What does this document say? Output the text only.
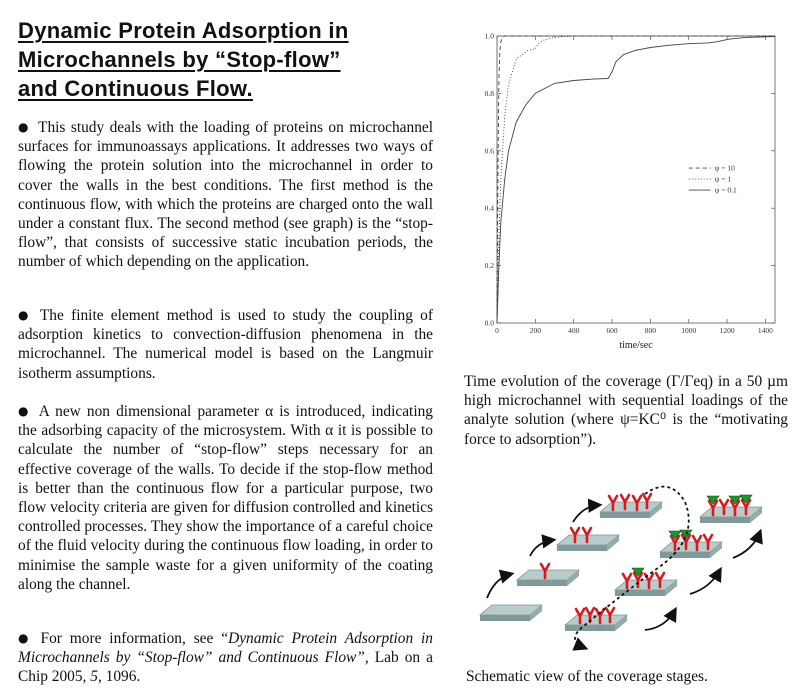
Dynamic Protein Adsorption in
Microchannels by “Stop-flow”
and Continuous Flow.

● This study deals with the loading of proteins on microchannel surfaces for immunoassays applications. It addresses two ways of flowing the protein solution into the microchannel in order to cover the walls in the best conditions. The first method is the continuous flow, with which the proteins are charged onto the wall under a constant flux. The second method (see graph) is the “stop-flow”, that consists of successive static incubation periods, the number of which depending on the application.

● The finite element method is used to study the coupling of adsorption kinetics to convection-diffusion phenomena in the microchannel. The numerical model is based on the Langmuir isotherm assumptions.

● A new non dimensional parameter α is introduced, indicating the adsorbing capacity of the microsystem. With α it is possible to calculate the number of “stop-flow” steps necessary for an effective coverage of the walls. To decide if the stop-flow method is better than the continuous flow for a particular purpose, two flow velocity criteria are given for diffusion controlled and kinetics controlled processes. They show the importance of a careful choice of the fluid velocity during the continuous flow loading, in order to minimise the sample waste for a given uniformity of the coating along the channel.

● For more information, see “Dynamic Protein Adsorption in Microchannels by “Stop-flow” and Continuous Flow”, Lab on a Chip 2005, 5, 1096.

0	200	400	600	800	1000	1200	1400
0.0
0.2
0.4
0.6
0.8
1.0
time/sec
ψ = 10
ψ = 1
ψ = 0.1

Time evolution of the coverage (Γ/Γeq) in a 50 µm high microchannel with sequential loadings of the analyte solution (where ψ=KC⁰ is the “motivating force to adsorption”).

Schematic view of the coverage stages.
